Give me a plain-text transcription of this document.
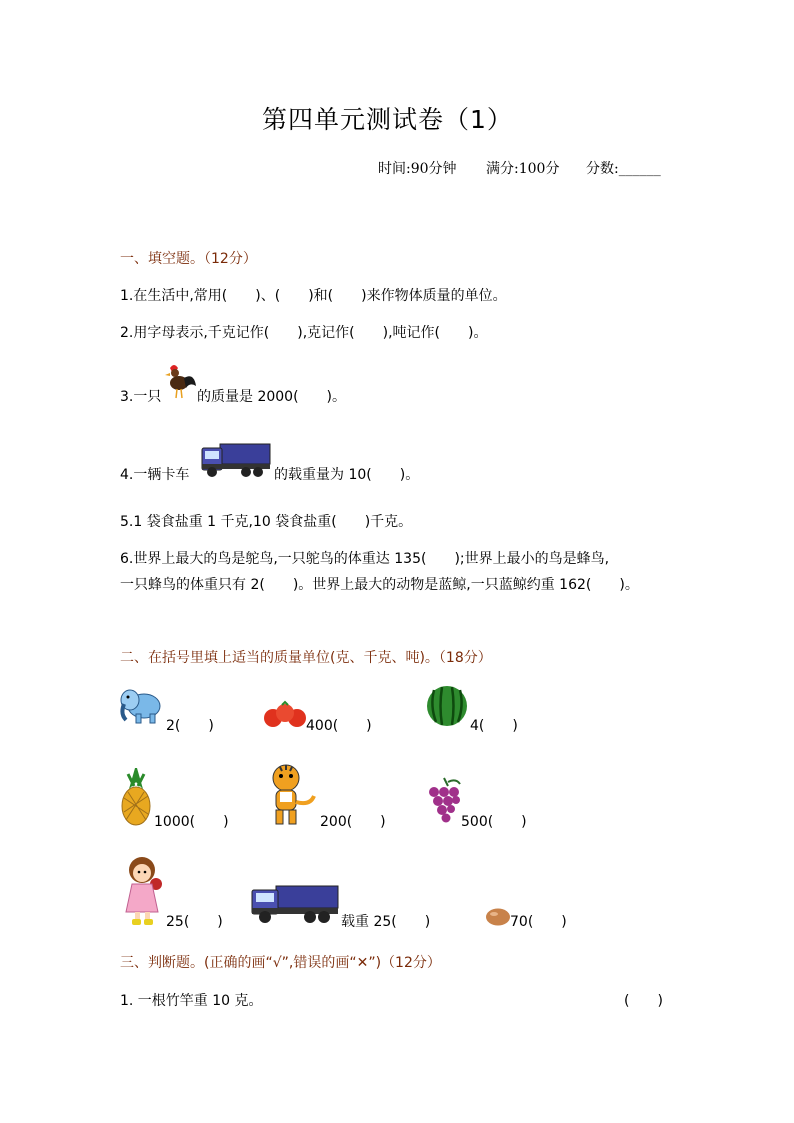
第四单元测试卷（1）
时间:90分钟 满分:100分 分数:______
一、填空题。（12分）
1.在生活中,常用(　　)、(　　)和(　　)来作物体质量的单位。
2.用字母表示,千克记作(　　),克记作(　　),吨记作(　　)。
3.一只	的质量是 2000(　　)。
4.一辆卡车	的载重量为 10(　　)。
5.1 袋食盐重 1 千克,10 袋食盐重(　　)千克。
6.世界上最大的鸟是鸵鸟,一只鸵鸟的体重达 135(　　);世界上最小的鸟是蜂鸟,
一只蜂鸟的体重只有 2(　　)。世界上最大的动物是蓝鲸,一只蓝鲸约重 162(　　)。
二、在括号里填上适当的质量单位(克、千克、吨)。（18分）
2(　　)	400(　　)	4(　　)
1000(　　)	200(　　)	500(　　)
25(　　)	载重 25(　　)	70(　　)
三、判断题。(正确的画“√”,错误的画“✕”)（12分）
1. 一根竹竿重 10 克。	(　　)
